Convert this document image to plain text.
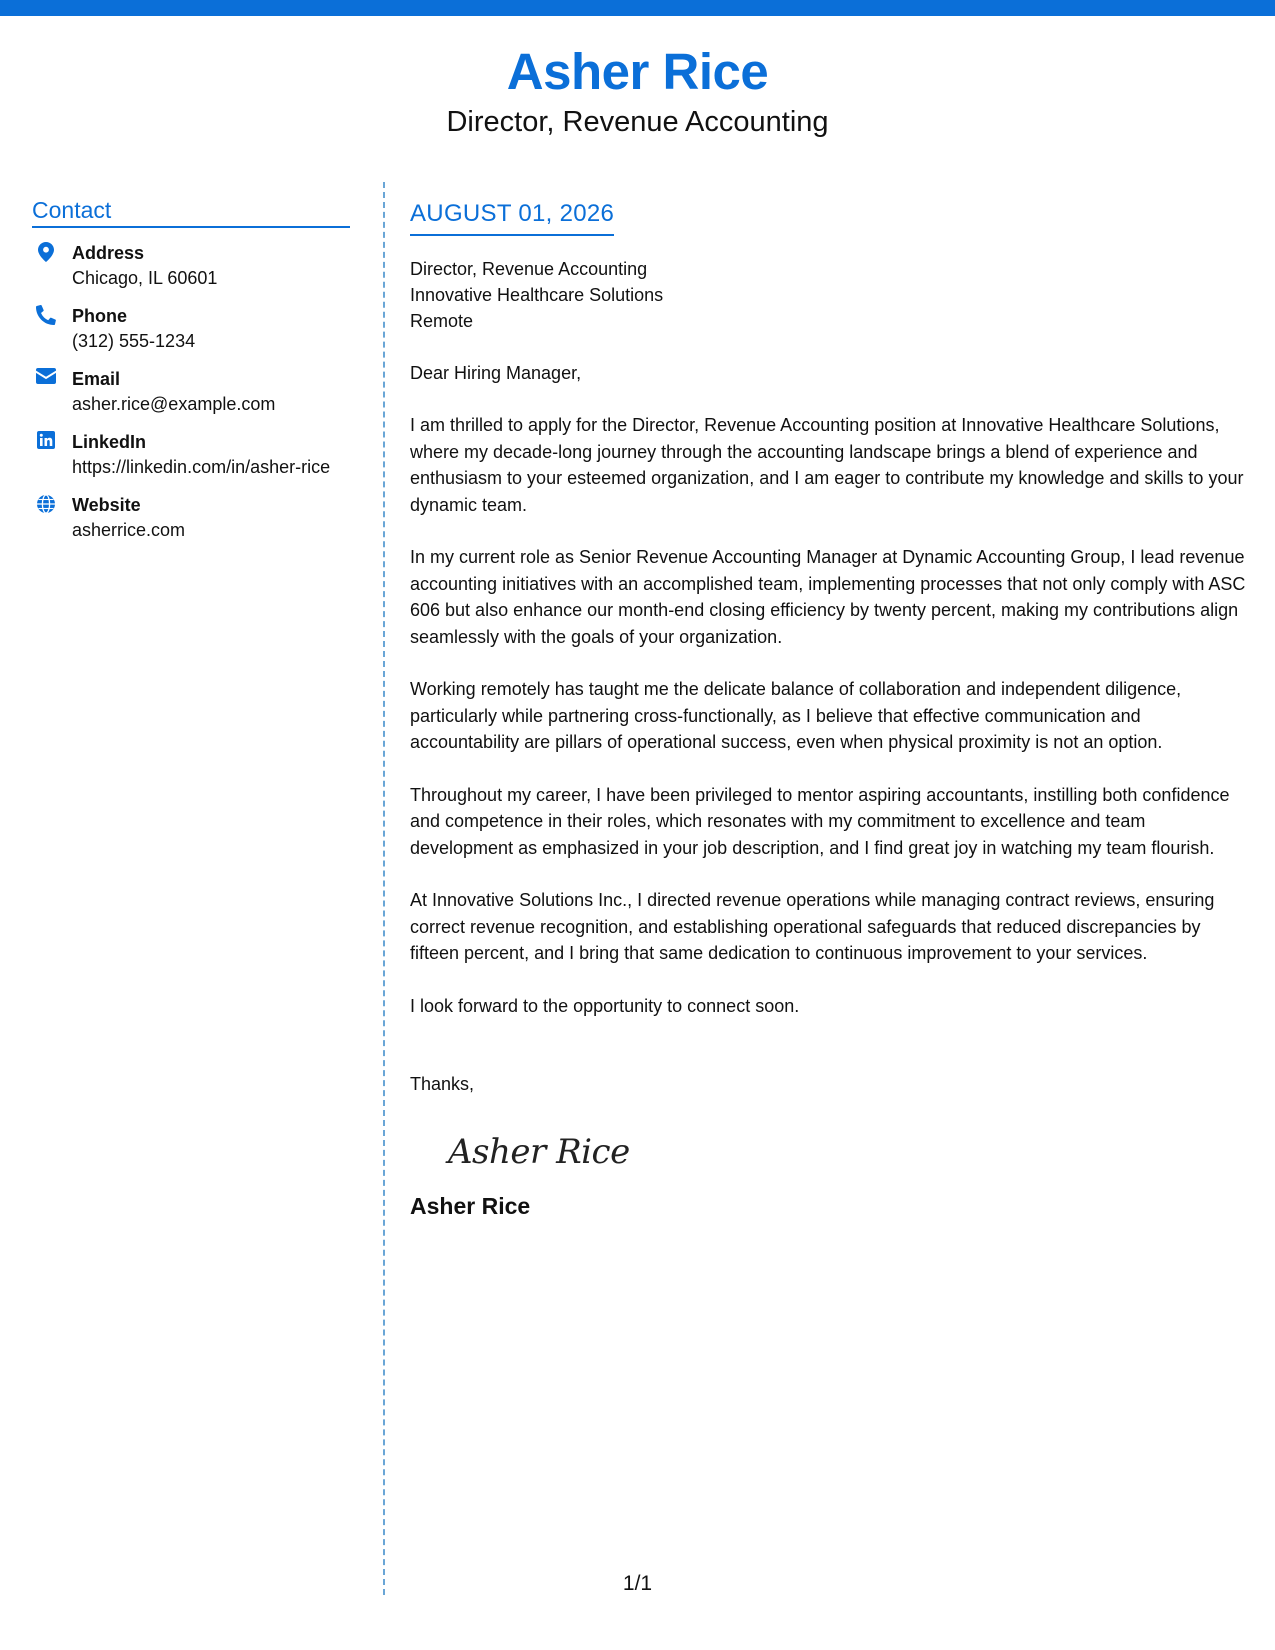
Asher Rice
Director, Revenue Accounting
Contact
Address
Chicago, IL 60601
Phone
(312) 555-1234
Email
asher.rice@example.com
LinkedIn
https://linkedin.com/in/asher-rice
Website
asherrice.com
AUGUST 01, 2026
Director, Revenue Accounting
Innovative Healthcare Solutions
Remote
Dear Hiring Manager,
I am thrilled to apply for the Director, Revenue Accounting position at Innovative Healthcare Solutions, where my decade-long journey through the accounting landscape brings a blend of experience and enthusiasm to your esteemed organization, and I am eager to contribute my knowledge and skills to your dynamic team.
In my current role as Senior Revenue Accounting Manager at Dynamic Accounting Group, I lead revenue accounting initiatives with an accomplished team, implementing processes that not only comply with ASC 606 but also enhance our month-end closing efficiency by twenty percent, making my contributions align seamlessly with the goals of your organization.
Working remotely has taught me the delicate balance of collaboration and independent diligence, particularly while partnering cross-functionally, as I believe that effective communication and accountability are pillars of operational success, even when physical proximity is not an option.
Throughout my career, I have been privileged to mentor aspiring accountants, instilling both confidence and competence in their roles, which resonates with my commitment to excellence and team development as emphasized in your job description, and I find great joy in watching my team flourish.
At Innovative Solutions Inc., I directed revenue operations while managing contract reviews, ensuring correct revenue recognition, and establishing operational safeguards that reduced discrepancies by fifteen percent, and I bring that same dedication to continuous improvement to your services.
I look forward to the opportunity to connect soon.
Thanks,
Asher Rice
Asher Rice
1/1
